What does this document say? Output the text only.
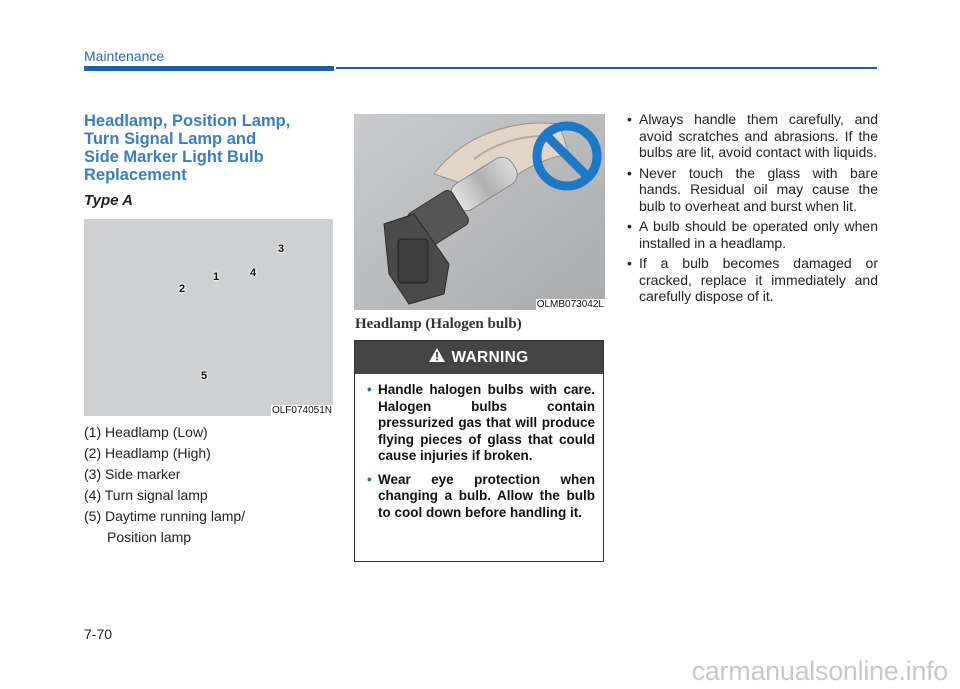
Maintenance
Headlamp, Position Lamp,
Turn Signal Lamp and
Side Marker Light Bulb
Replacement
Type A
1
2
3
4
5
OLF074051N
(1) Headlamp (Low)
(2) Headlamp (High)
(3) Side marker
(4) Turn signal lamp
(5) Daytime running lamp/
Position lamp
OLMB073042L
Headlamp (Halogen bulb)
WARNING
• Handle halogen bulbs with care. Halogen bulbs contain pressurized gas that will produce flying pieces of glass that could cause injuries if broken.
• Wear eye protection when changing a bulb. Allow the bulb to cool down before handling it.
• Always handle them carefully, and avoid scratches and abrasions. If the bulbs are lit, avoid contact with liquids.
• Never touch the glass with bare hands. Residual oil may cause the bulb to overheat and burst when lit.
• A bulb should be operated only when installed in a headlamp.
• If a bulb becomes damaged or cracked, replace it immediately and carefully dispose of it.
7-70
carmanualsonline.info
